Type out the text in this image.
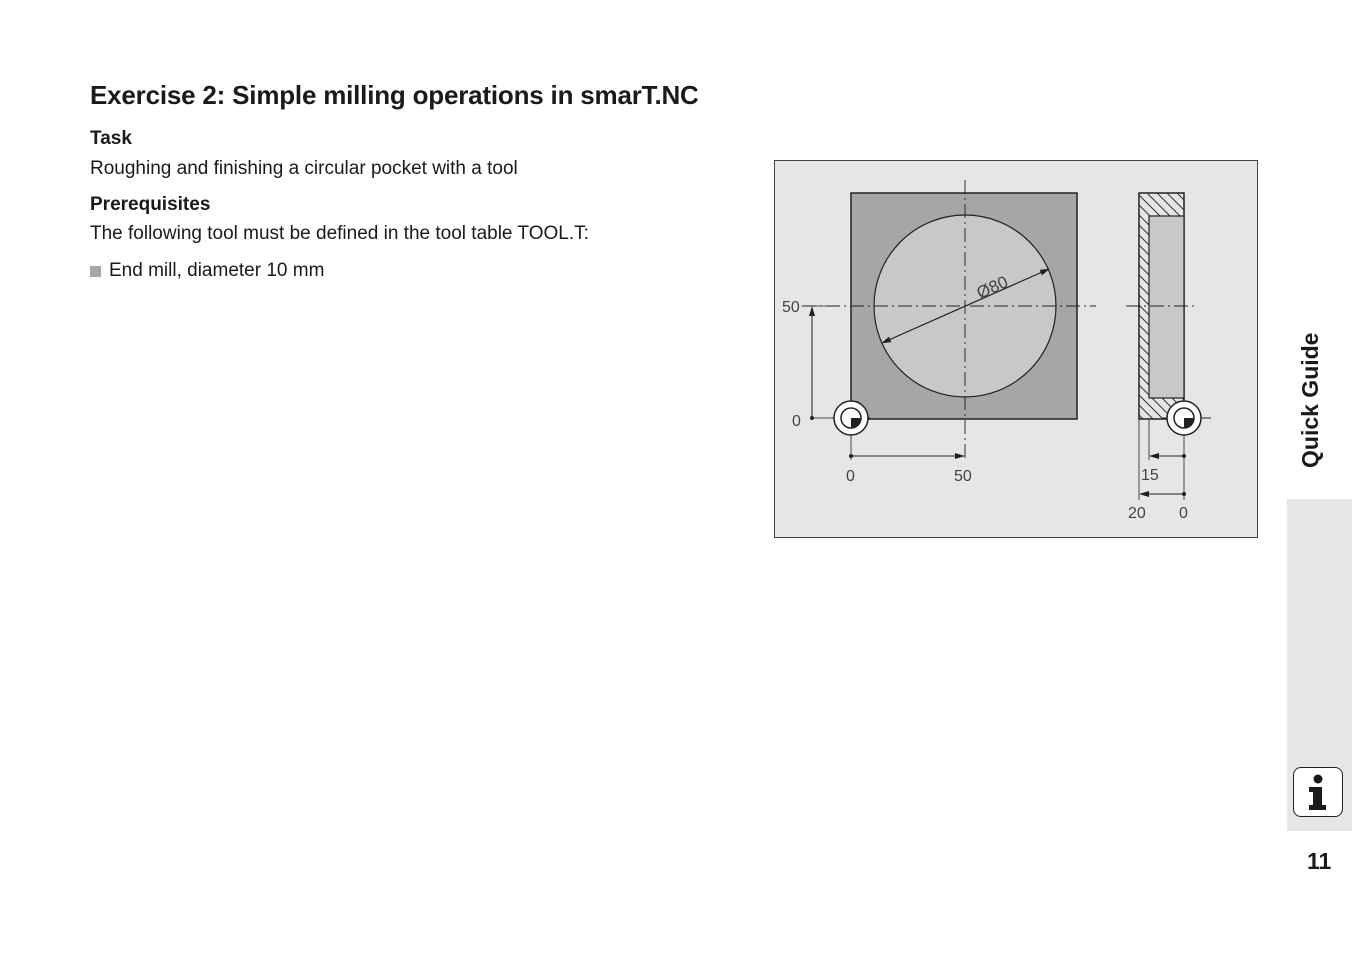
Exercise 2: Simple milling operations in smarT.NC
Task

Roughing and finishing a circular pocket with a tool

Prerequisites

The following tool must be defined in the tool table TOOL.T:

End mill, diameter 10 mm
Ø80
50
0
0	50	15
20 0
Quick Guide
11
